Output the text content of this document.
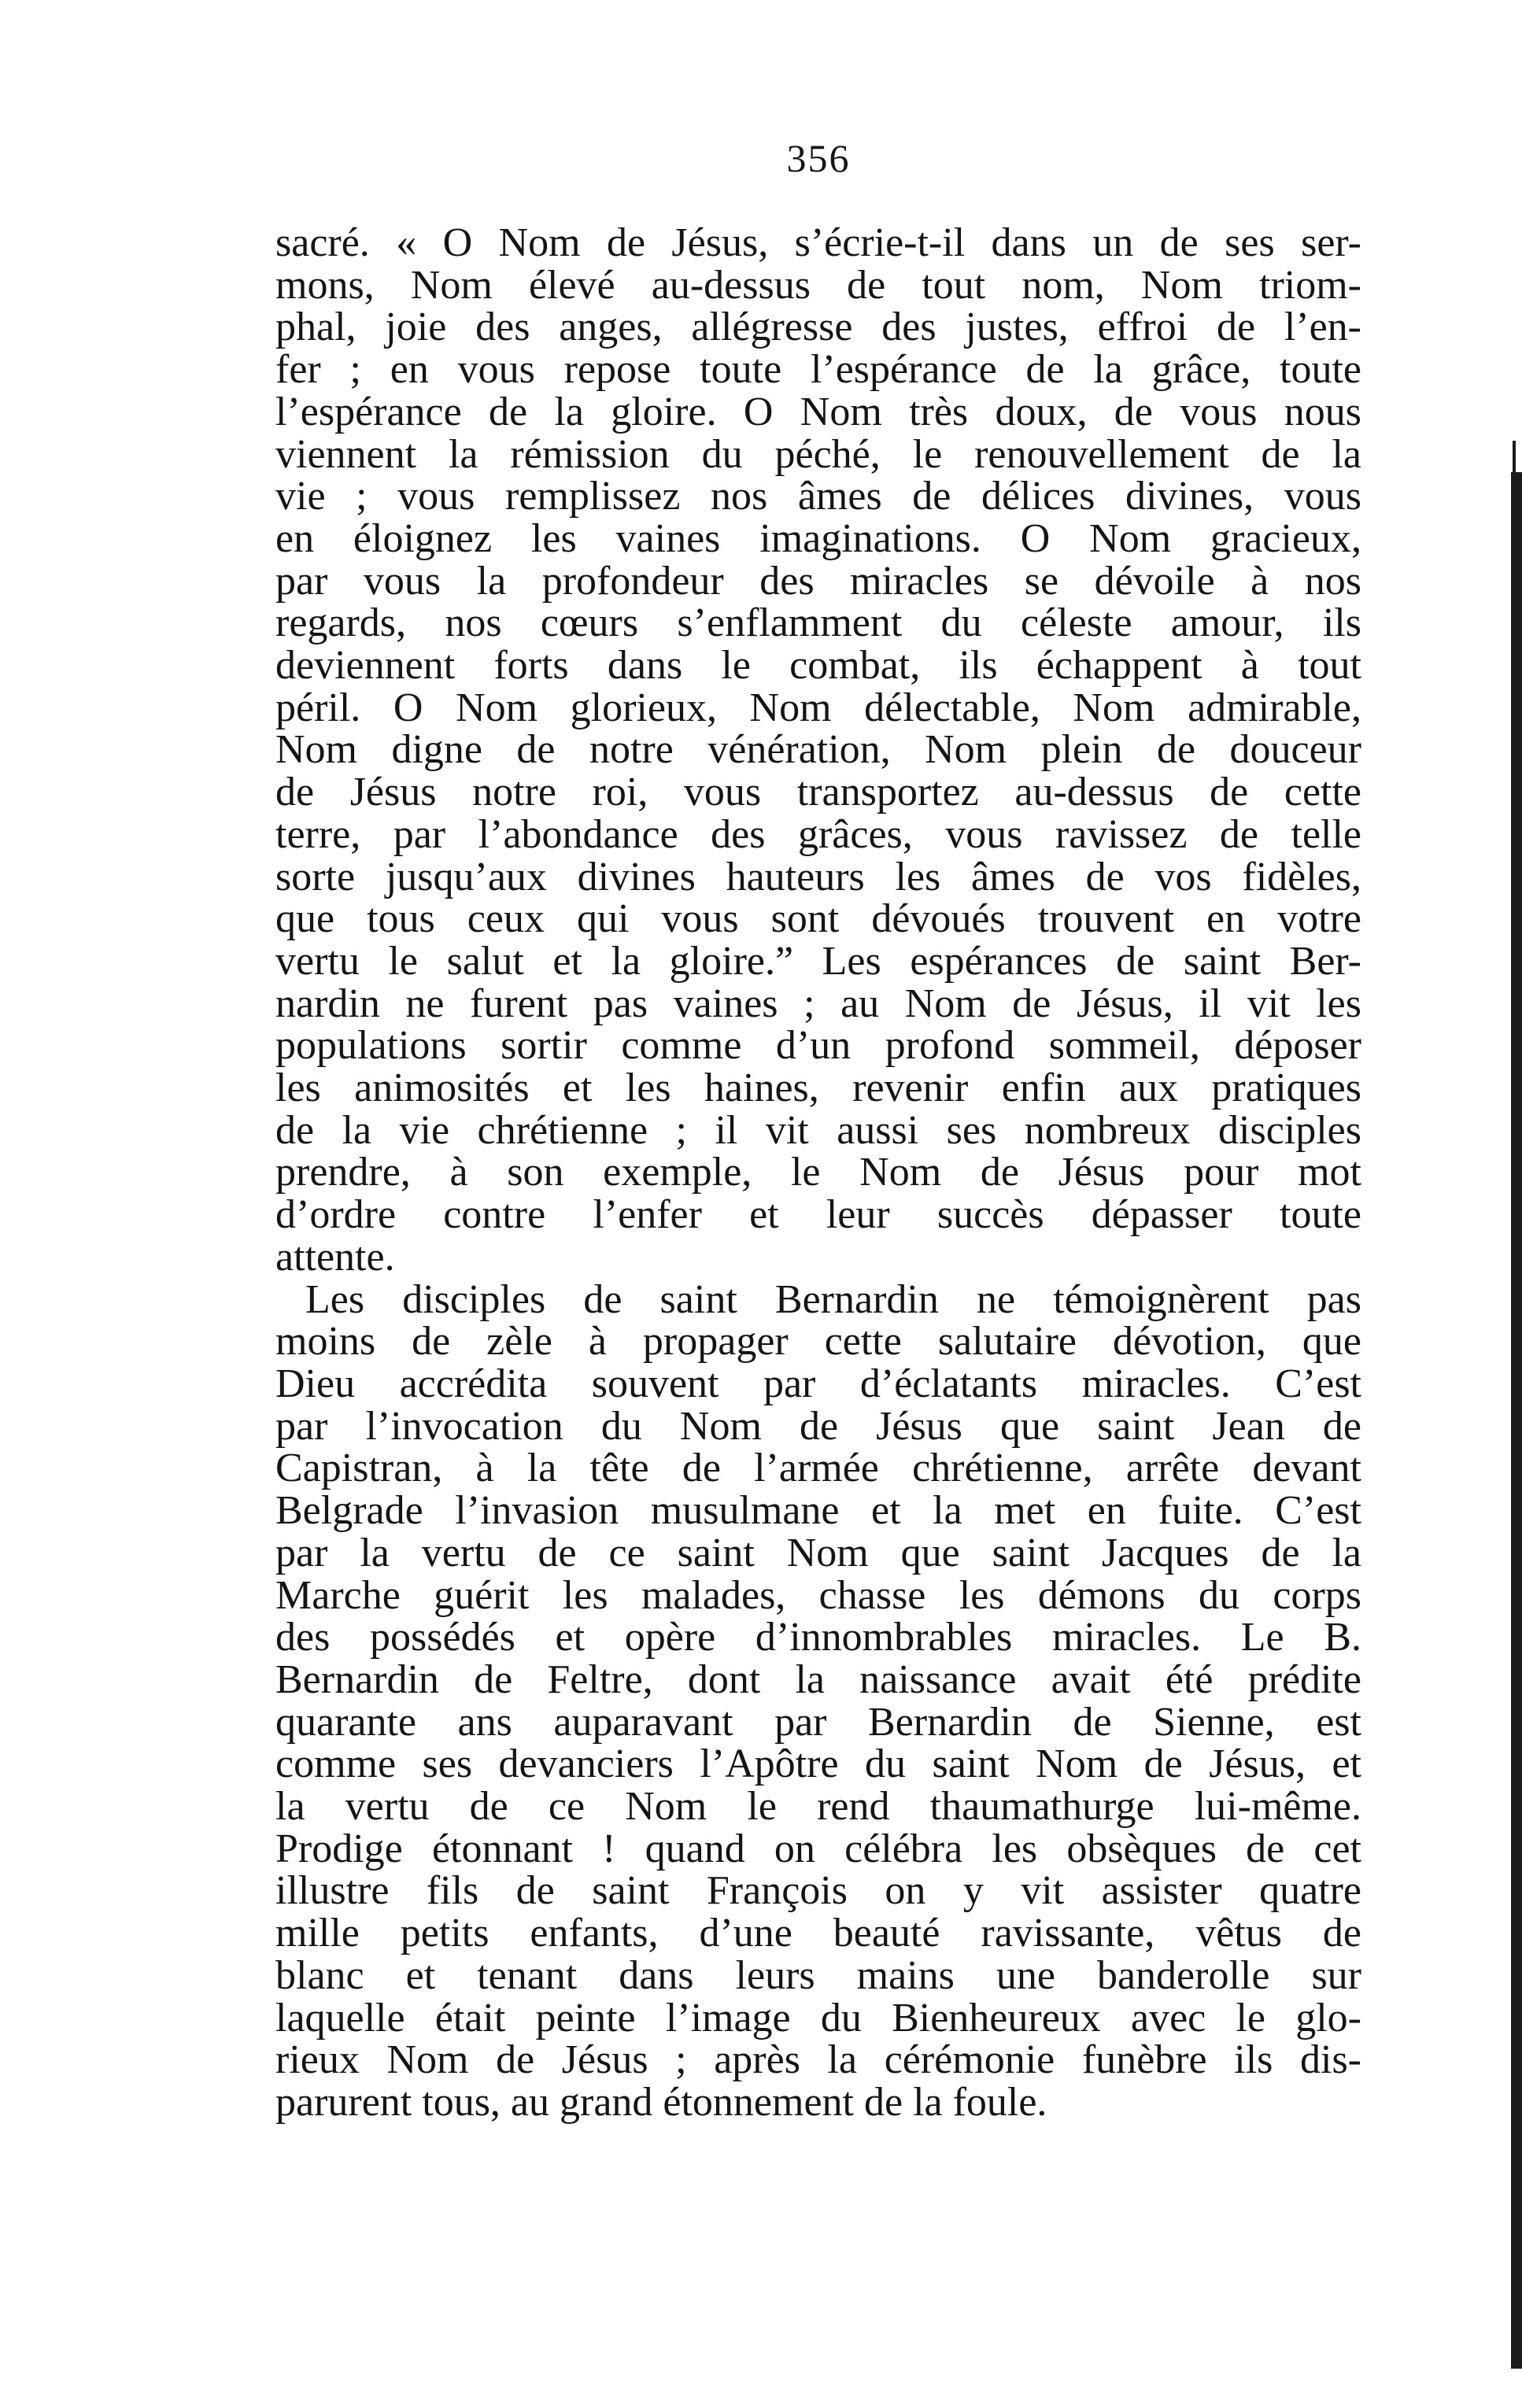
356
sacré. « O Nom de Jésus, s’écrie-t-il dans un de ses ser-
mons, Nom élevé au-dessus de tout nom, Nom triom-
phal, joie des anges, allégresse des justes, effroi de l’en-
fer ; en vous repose toute l’espérance de la grâce, toute
l’espérance de la gloire. O Nom très doux, de vous nous
viennent la rémission du péché, le renouvellement de la
vie ; vous remplissez nos âmes de délices divines, vous
en éloignez les vaines imaginations. O Nom gracieux,
par vous la profondeur des miracles se dévoile à nos
regards, nos cœurs s’enflamment du céleste amour, ils
deviennent forts dans le combat, ils échappent à tout
péril. O Nom glorieux, Nom délectable, Nom admirable,
Nom digne de notre vénération, Nom plein de douceur
de Jésus notre roi, vous transportez au-dessus de cette
terre, par l’abondance des grâces, vous ravissez de telle
sorte jusqu’aux divines hauteurs les âmes de vos fidèles,
que tous ceux qui vous sont dévoués trouvent en votre
vertu le salut et la gloire.” Les espérances de saint Ber-
nardin ne furent pas vaines ; au Nom de Jésus, il vit les
populations sortir comme d’un profond sommeil, déposer
les animosités et les haines, revenir enfin aux pratiques
de la vie chrétienne ; il vit aussi ses nombreux disciples
prendre, à son exemple, le Nom de Jésus pour mot
d’ordre contre l’enfer et leur succès dépasser toute
attente.
Les disciples de saint Bernardin ne témoignèrent pas
moins de zèle à propager cette salutaire dévotion, que
Dieu accrédita souvent par d’éclatants miracles. C’est
par l’invocation du Nom de Jésus que saint Jean de
Capistran, à la tête de l’armée chrétienne, arrête devant
Belgrade l’invasion musulmane et la met en fuite. C’est
par la vertu de ce saint Nom que saint Jacques de la
Marche guérit les malades, chasse les démons du corps
des possédés et opère d’innombrables miracles. Le B.
Bernardin de Feltre, dont la naissance avait été prédite
quarante ans auparavant par Bernardin de Sienne, est
comme ses devanciers l’Apôtre du saint Nom de Jésus, et
la vertu de ce Nom le rend thaumathurge lui-même.
Prodige étonnant ! quand on célébra les obsèques de cet
illustre fils de saint François on y vit assister quatre
mille petits enfants, d’une beauté ravissante, vêtus de
blanc et tenant dans leurs mains une banderolle sur
laquelle était peinte l’image du Bienheureux avec le glo-
rieux Nom de Jésus ; après la cérémonie funèbre ils dis-
parurent tous, au grand étonnement de la foule.
